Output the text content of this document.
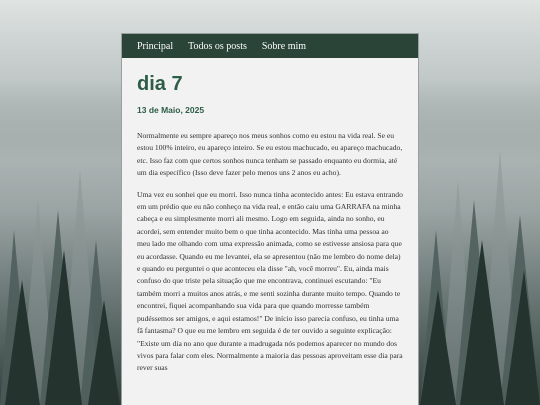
Principal Todos os posts Sobre mim
dia 7
13 de Maio, 2025

Normalmente eu sempre apareço nos meus sonhos como eu estou na vida real. Se eu estou 100% inteiro, eu apareço inteiro. Se eu estou machucado, eu apareço machucado, etc. Isso faz com que certos sonhos nunca tenham se passado enquanto eu dormia, até um dia específico (Isso deve fazer pelo menos uns 2 anos eu acho).

Uma vez eu sonhei que eu morri. Isso nunca tinha acontecido antes: Eu estava entrando em um prédio que eu não conheço na vida real, e então caiu uma GARRAFA na minha cabeça e eu simplesmente morri ali mesmo. Logo em seguida, ainda no sonho, eu acordei, sem entender muito bem o que tinha acontecido. Mas tinha uma pessoa ao meu lado me olhando com uma expressão animada, como se estivesse ansiosa para que eu acordasse. Quando eu me levantei, ela se apresentou (não me lembro do nome dela) e quando eu perguntei o que aconteceu ela disse "ah, você morreu". Eu, ainda mais confuso do que triste pela situação que me encontrava, continuei escutando: "Eu também morri a muitos anos atrás, e me senti sozinha durante muito tempo. Quando te encontrei, fiquei acompanhando sua vida para que quando morresse também pudéssemos ser amigos, e aqui estamos!" De início isso parecia confuso, eu tinha uma fã fantasma? O que eu me lembro em seguida é de ter ouvido a seguinte explicação: "Existe um dia no ano que durante a madrugada nós podemos aparecer no mundo dos vivos para falar com eles. Normalmente a maioria das pessoas aproveitam esse dia para rever suas
